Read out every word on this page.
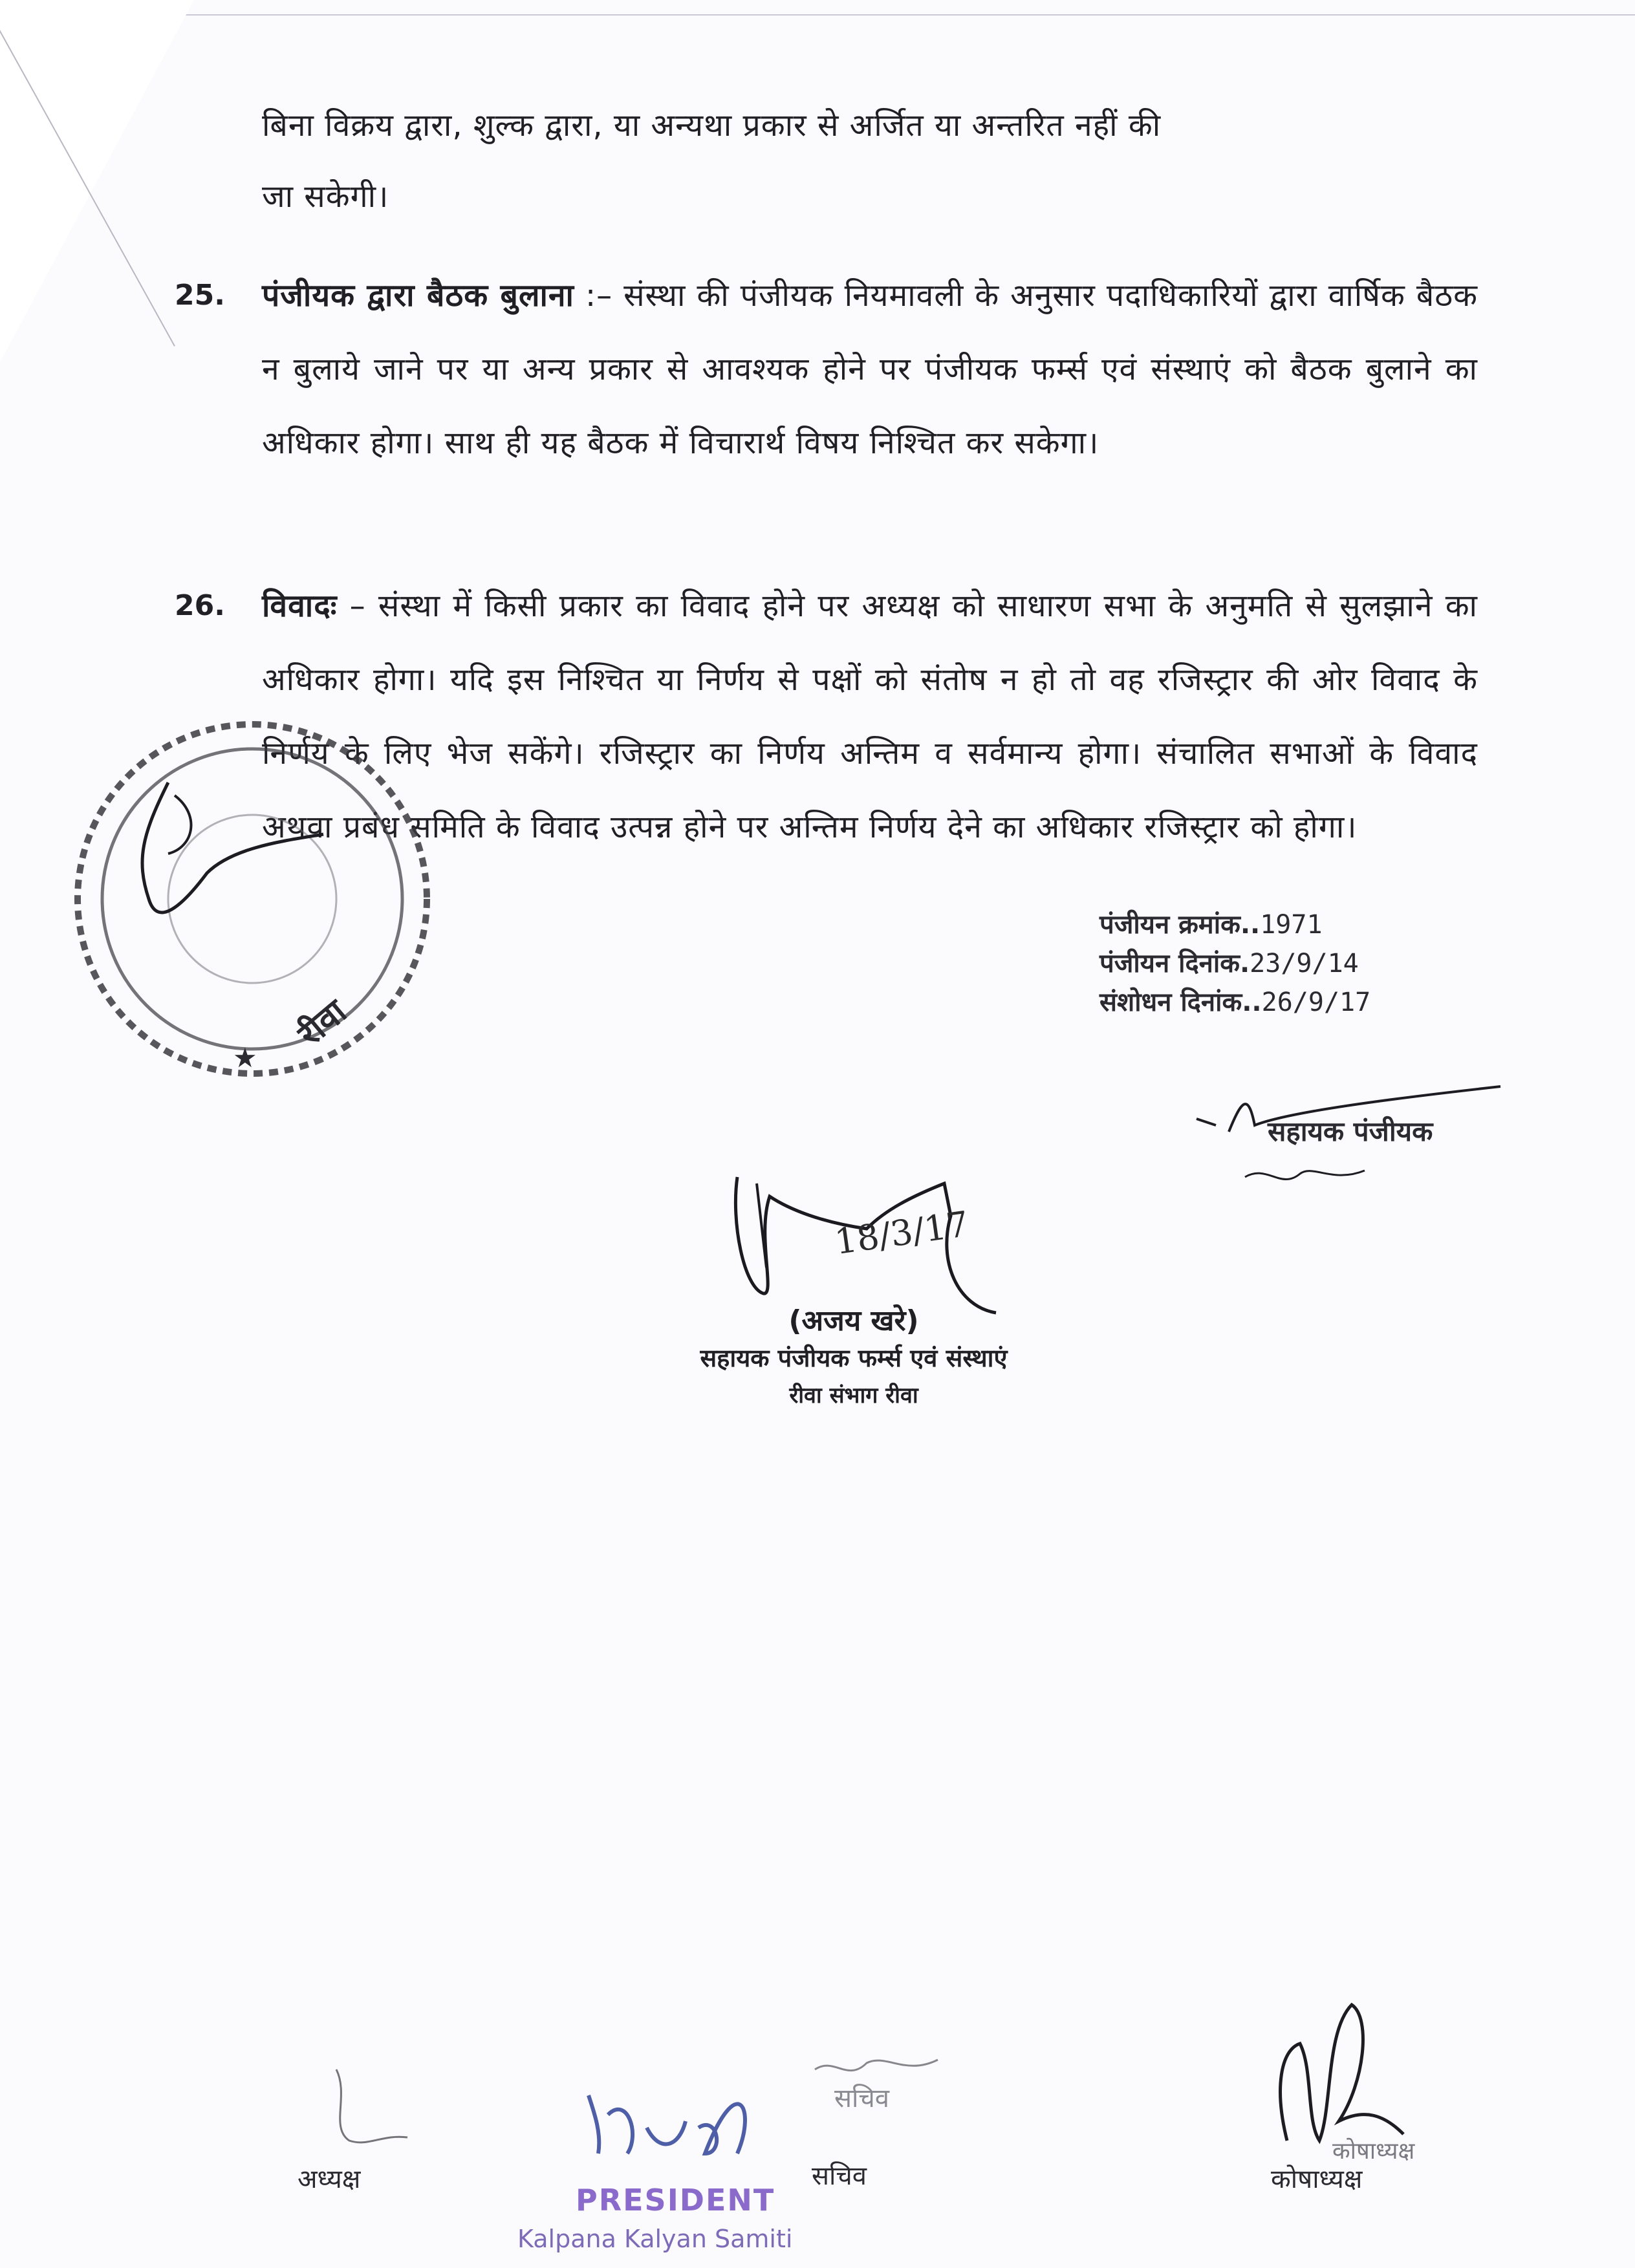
बिना विक्रय द्वारा, शुल्क द्वारा, या अन्यथा प्रकार से अर्जित या अन्तरित नहीं की
जा सकेगी।
25. पंजीयक द्वारा बैठक बुलाना :– संस्था की पंजीयक नियमावली के अनुसार पदाधिकारियों द्वारा वार्षिक बैठक न बुलाये जाने पर या अन्य प्रकार से आवश्यक होने पर पंजीयक फर्म्स एवं संस्थाएं को बैठक बुलाने का अधिकार होगा। साथ ही यह बैठक में विचारार्थ विषय निश्चित कर सकेगा।
26. विवादः – संस्था में किसी प्रकार का विवाद होने पर अध्यक्ष को साधारण सभा के अनुमति से सुलझाने का अधिकार होगा। यदि इस निश्चित या निर्णय से पक्षों को संतोष न हो तो वह रजिस्ट्रार की ओर विवाद के निर्णय के लिए भेज सकेंगे। रजिस्ट्रार का निर्णय अन्तिम व सर्वमान्य होगा। संचालित सभाओं के विवाद अथवा प्रबंध समिति के विवाद उत्पन्न होने पर अन्तिम निर्णय देने का अधिकार रजिस्ट्रार को होगा।
रीवा
★
पंजीयन क्रमांक..1971
पंजीयन दिनांक.23/9/14
संशोधन दिनांक..26/9/17
सहायक पंजीयक
18/3/17
(अजय खरे)
सहायक पंजीयक फर्म्स एवं संस्थाएं
रीवा संभाग रीवा
अध्यक्ष
PRESIDENT
Kalpana Kalyan Samiti
सचिव
सचिव
कोषाध्यक्ष
कोषाध्यक्ष
